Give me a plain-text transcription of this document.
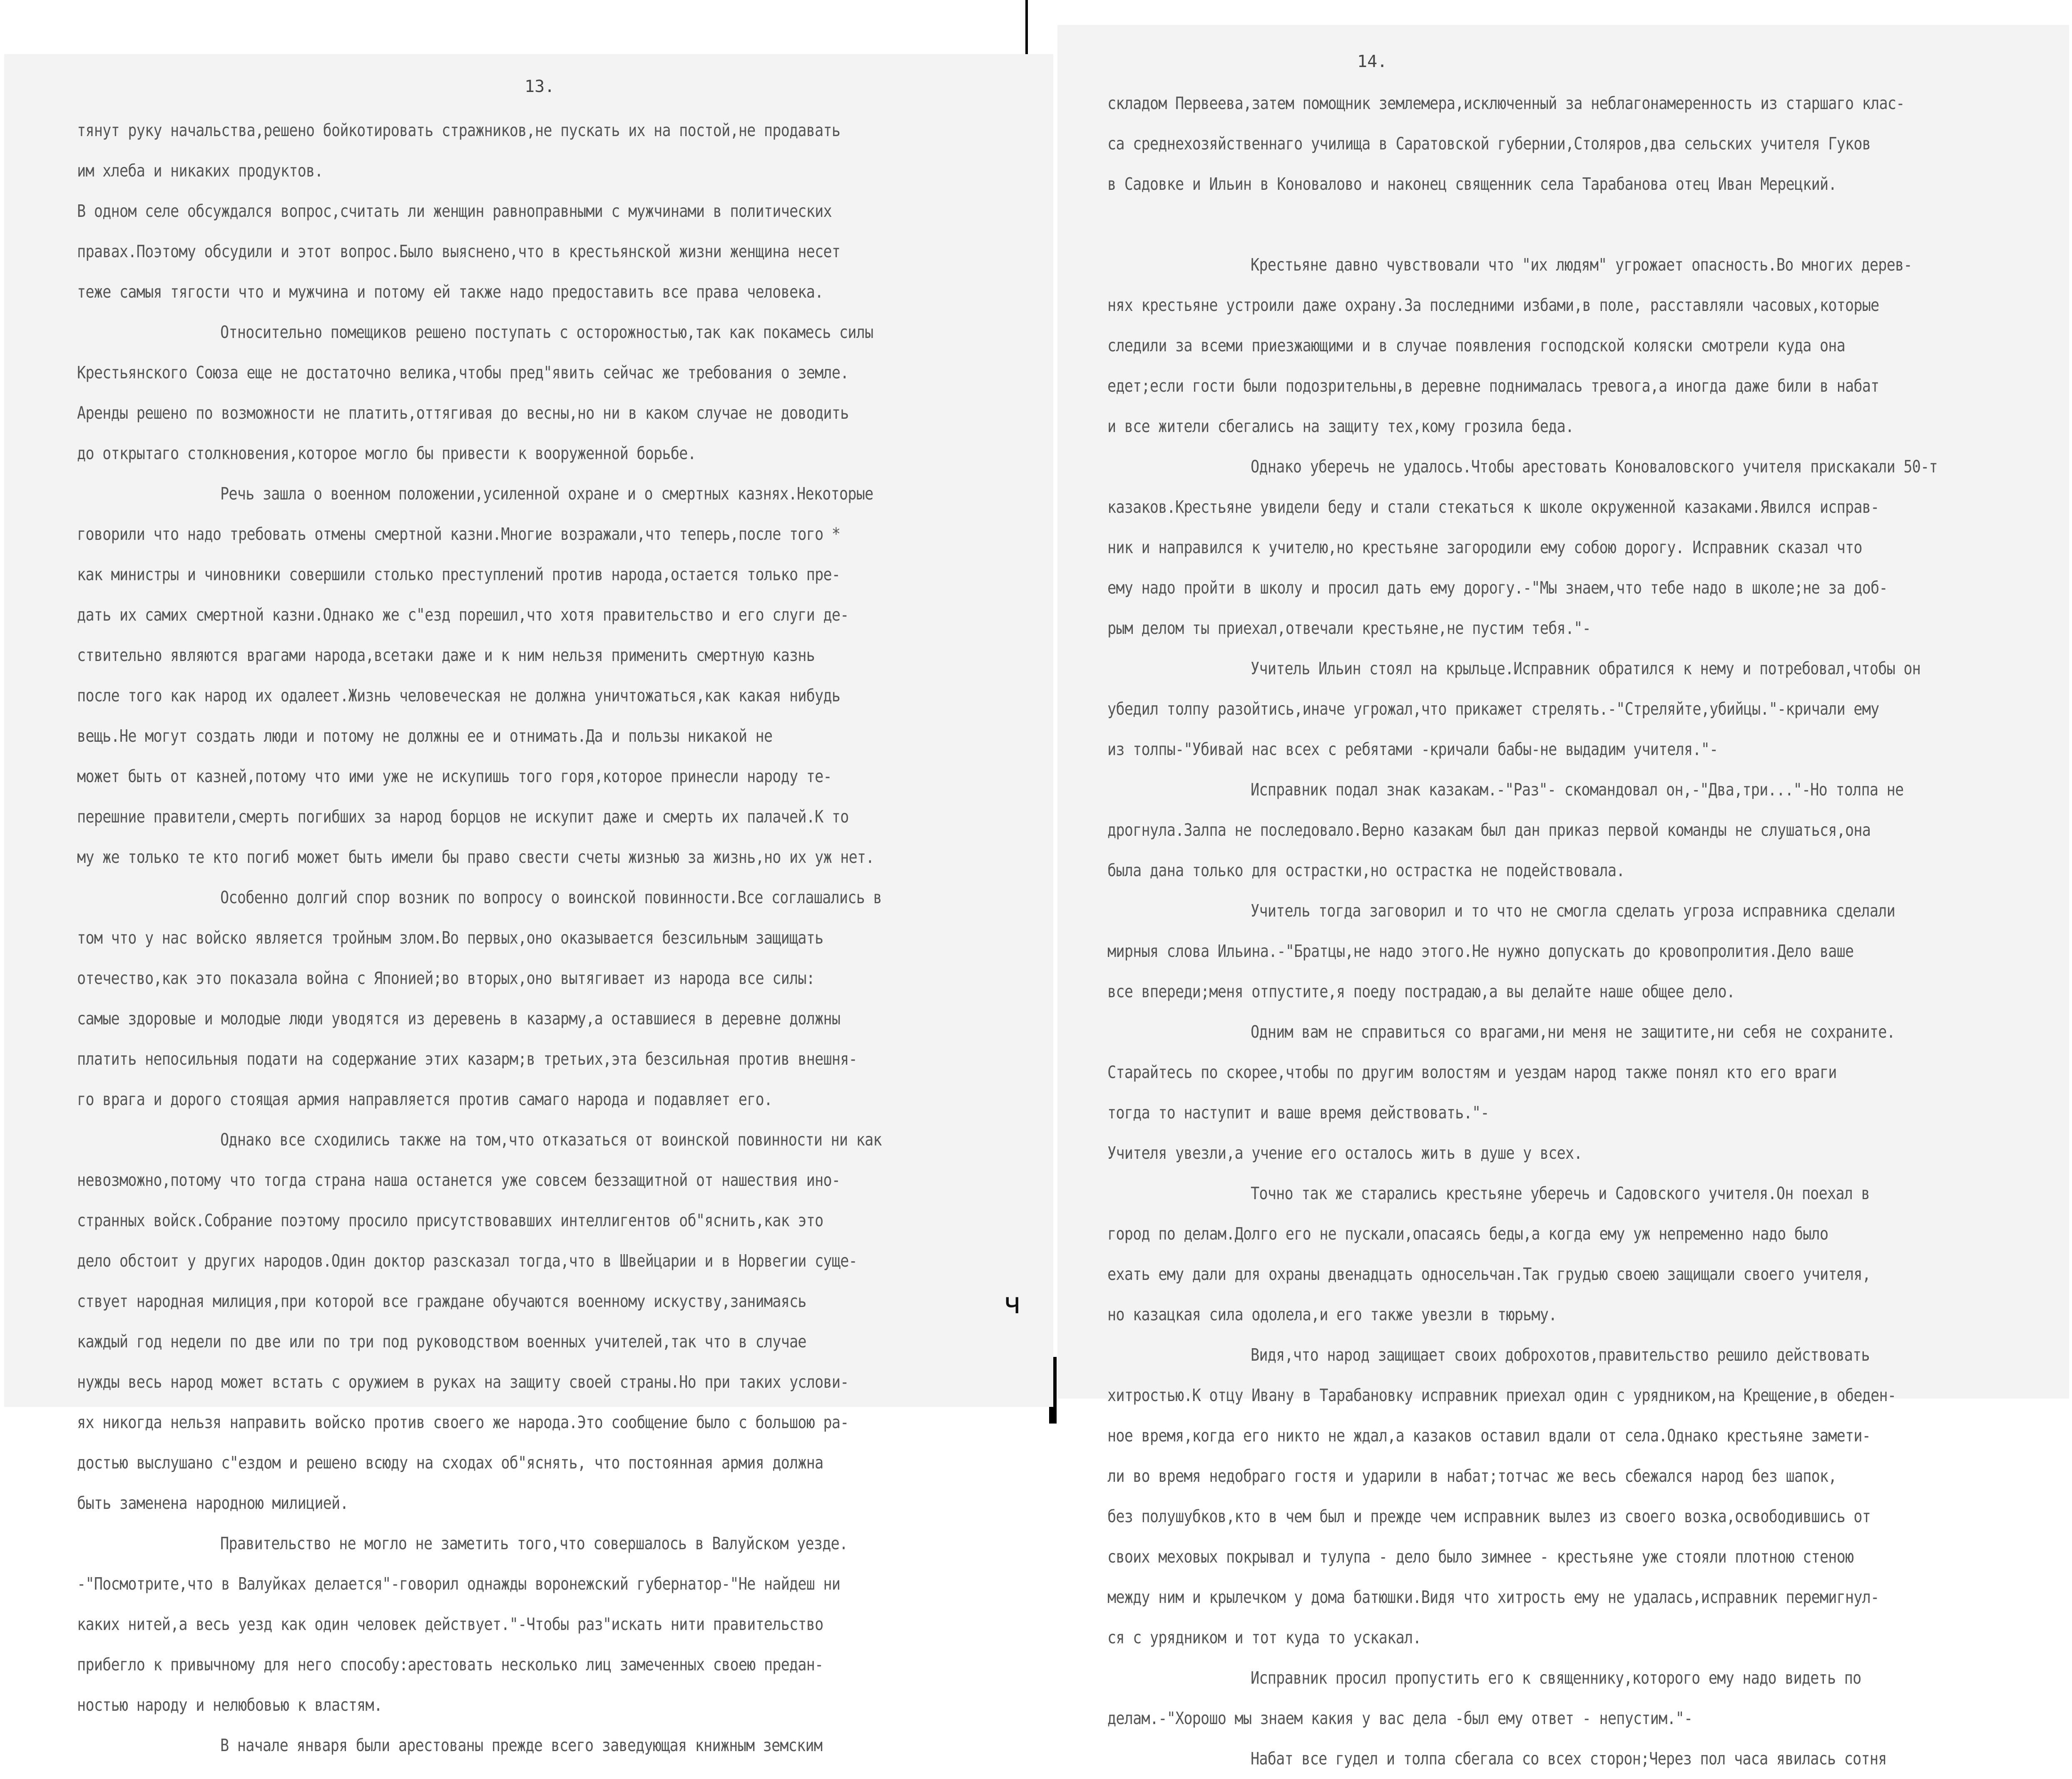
13.
тянут руку начальства,решено бойкотировать стражников,не пускать их на постой,не продавать
им хлеба и никаких продуктов.
В одном селе обсуждался вопрос,считать ли женщин равноправными с мужчинами в политических
правах.Поэтому обсудили и этот вопрос.Было выяснено,что в крестьянской жизни женщина несет
теже самыя тягости что и мужчина и потому ей также надо предоставить все права человека.
Относительно помещиков решено поступать с осторожностью,так как покамесь силы
Крестьянского Союза еще не достаточно велика,чтобы пред"явить сейчас же требования о земле.
Аренды решено по возможности не платить,оттягивая до весны,но ни в каком случае не доводить
до открытаго столкновения,которое могло бы привести к вооруженной борьбе.
Речь зашла о военном положении,усиленной охране и о смертных казнях.Некоторые
говорили что надо требовать отмены смертной казни.Многие возражали,что теперь,после того *
как министры и чиновники совершили столько преступлений против народа,остается только пре-
дать их самих смертной казни.Однако же с"езд порешил,что хотя правительство и его слуги де-
ствительно являются врагами народа,всетаки даже и к ним нельзя применить смертную казнь
после того как народ их одалеет.Жизнь человеческая не должна уничтожаться,как какая нибудь
вещь.Не могут создать люди и потому не должны ее и отнимать.Да и пользы никакой не
может быть от казней,потому что ими уже не искупишь того горя,которое принесли народу те-
перешние правители,смерть погибших за народ борцов не искупит даже и смерть их палачей.К то
му же только те кто погиб может быть имели бы право свести счеты жизнью за жизнь,но их уж нет.
Особенно долгий спор возник по вопросу о воинской повинности.Все соглашались в
том что у нас войско является тройным злом.Во первых,оно оказывается безсильным защищать
отечество,как это показала война с Японией;во вторых,оно вытягивает из народа все силы:
самые здоровые и молодые люди уводятся из деревень в казарму,а оставшиеся в деревне должны
платить непосильныя подати на содержание этих казарм;в третьих,эта безсильная против внешня-
го врага и дорого стоящая армия направляется против самаго народа и подавляет его.
Однако все сходились также на том,что отказаться от воинской повинности ни как
невозможно,потому что тогда страна наша останется уже совсем беззащитной от нашествия ино-
странных войск.Собрание поэтому просило присутствовавших интеллигентов об"яснить,как это
дело обстоит у других народов.Один доктор разсказал тогда,что в Швейцарии и в Норвегии суще-
ствует народная милиция,при которой все граждане обучаются военному искуству,занимаясь
каждый год недели по две или по три под руководством военных учителей,так что в случае
нужды весь народ может встать с оружием в руках на защиту своей страны.Но при таких услови-
ях никогда нельзя направить войско против своего же народа.Это сообщение было с большою ра-
достью выслушано с"ездом и решено всюду на сходах об"яснять, что постоянная армия должна
быть заменена народною милицией.
Правительство не могло не заметить того,что совершалось в Валуйском уезде.
-"Посмотрите,что в Валуйках делается"-говорил однажды воронежский губернатор-"Не найдеш ни
каких нитей,а весь уезд как один человек действует."-Чтобы раз"искать нити правительство
прибегло к привычному для него способу:арестовать несколько лиц замеченных своею предан-
ностью народу и нелюбовью к властям.
В начале января были арестованы прежде всего заведующая книжным земским
ч
14.
складом Первеева,затем помощник землемера,исключенный за неблагонамеренность из старшаго клас-
са среднехозяйственнаго училища в Саратовской губернии,Столяров,два сельских учителя Гуков
в Садовке и Ильин в Коновалово и наконец священник села Тарабанова отец Иван Мерецкий.
Крестьяне давно чувствовали что "их людям" угрожает опасность.Во многих дерев-
нях крестьяне устроили даже охрану.За последними избами,в поле, расставляли часовых,которые
следили за всеми приезжающими и в случае появления господской коляски смотрели куда она
едет;если гости были подозрительны,в деревне поднималась тревога,а иногда даже били в набат
и все жители сбегались на защиту тех,кому грозила беда.
Однако уберечь не удалось.Чтобы арестовать Коноваловского учителя прискакали 50-т
казаков.Крестьяне увидели беду и стали стекаться к школе окруженной казаками.Явился исправ-
ник и направился к учителю,но крестьяне загородили ему собою дорогу. Исправник сказал что
ему надо пройти в школу и просил дать ему дорогу.-"Мы знаем,что тебе надо в школе;не за доб-
рым делом ты приехал,отвечали крестьяне,не пустим тебя."-
Учитель Ильин стоял на крыльце.Исправник обратился к нему и потребовал,чтобы он
убедил толпу разойтись,иначе угрожал,что прикажет стрелять.-"Стреляйте,убийцы."-кричали ему
из толпы-"Убивай нас всех с ребятами -кричали бабы-не выдадим учителя."-
Исправник подал знак казакам.-"Раз"- скомандовал он,-"Два,три..."-Но толпа не
дрогнула.Залпа не последовало.Верно казакам был дан приказ первой команды не слушаться,она
была дана только для острастки,но острастка не подействовала.
Учитель тогда заговорил и то что не смогла сделать угроза исправника сделали
мирныя слова Ильина.-"Братцы,не надо этого.Не нужно допускать до кровопролития.Дело ваше
все впереди;меня отпустите,я поеду пострадаю,а вы делайте наше общее дело.
Одним вам не справиться со врагами,ни меня не защитите,ни себя не сохраните.
Старайтесь по скорее,чтобы по другим волостям и уездам народ также понял кто его враги
тогда то наступит и ваше время действовать."-
Учителя увезли,а учение его осталось жить в душе у всех.
Точно так же старались крестьяне уберечь и Садовского учителя.Он поехал в
город по делам.Долго его не пускали,опасаясь беды,а когда ему уж непременно надо было
ехать ему дали для охраны двенадцать односельчан.Так грудью своею защищали своего учителя,
но казацкая сила одолела,и его также увезли в тюрьму.
Видя,что народ защищает своих доброхотов,правительство решило действовать
хитростью.К отцу Ивану в Тарабановку исправник приехал один с урядником,на Крещение,в обеден-
ное время,когда его никто не ждал,а казаков оставил вдали от села.Однако крестьяне замети-
ли во время недобраго гостя и ударили в набат;тотчас же весь сбежался народ без шапок,
без полушубков,кто в чем был и прежде чем исправник вылез из своего возка,освободившись от
своих меховых покрывал и тулупа - дело было зимнее - крестьяне уже стояли плотною стеною
между ним и крылечком у дома батюшки.Видя что хитрость ему не удалась,исправник перемигнул-
ся с урядником и тот куда то ускакал.
Исправник просил пропустить его к священнику,которого ему надо видеть по
делам.-"Хорошо мы знаем какия у вас дела -был ему ответ - непустим."-
Набат все гудел и толпа сбегала со всех сторон;Через пол часа явилась сотня
